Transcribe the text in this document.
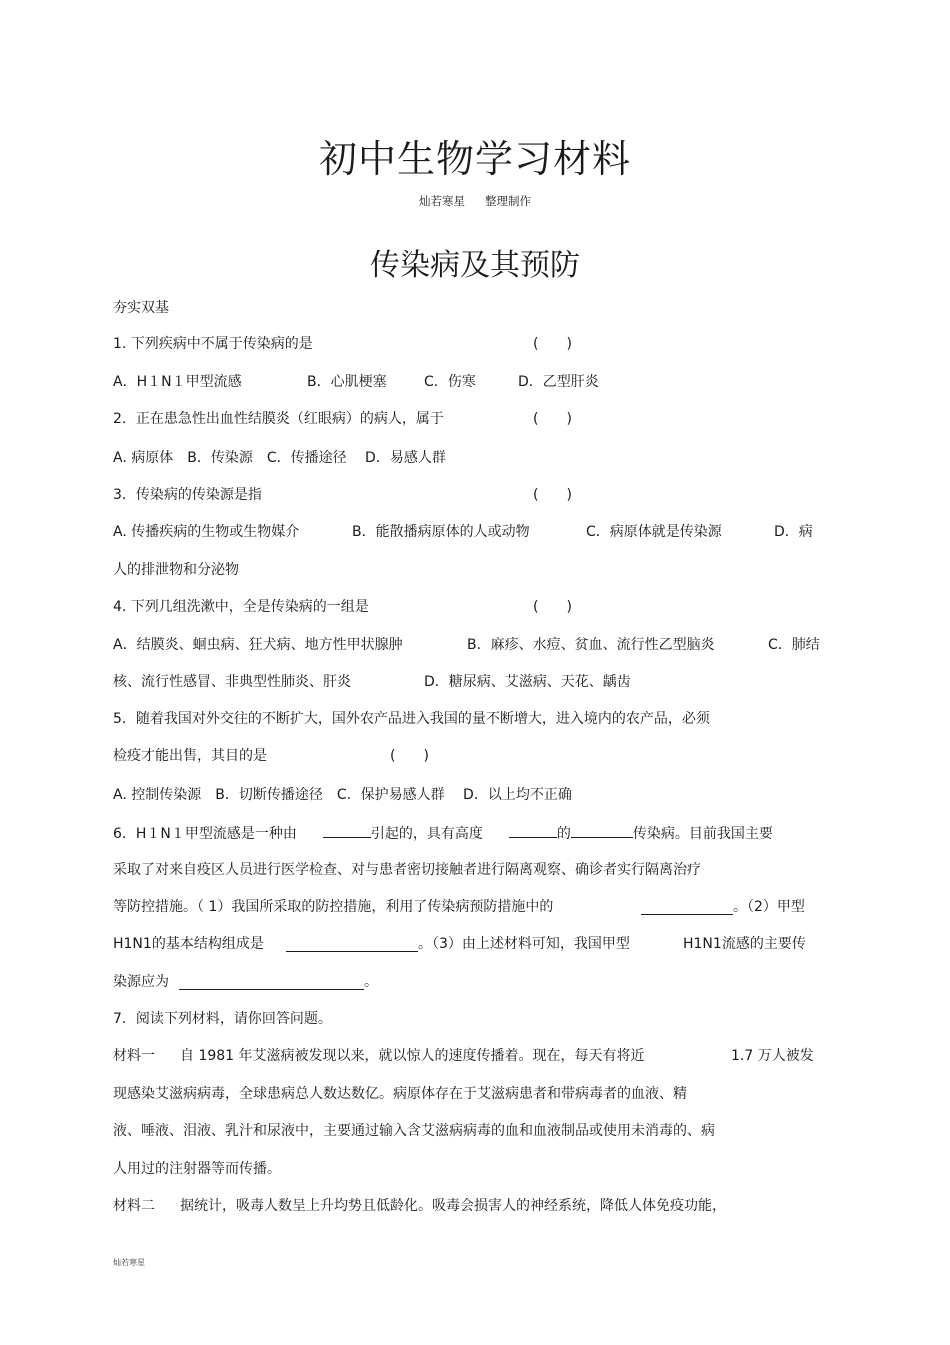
初中生物学习材料
灿若寒星 整理制作
传染病及其预防
夯实双基
1. 下列疾病中不属于传染病的是	(　　)
A．H１N１甲型流感	B．心肌梗塞	C．伤寒	D．乙型肝炎
2．正在患急性出血性结膜炎（红眼病）的病人，属于	(　　)
A. 病原体　B．传染源　C．传播途径　 D．易感人群
3．传染病的传染源是指	(　　)
A. 传播疾病的生物或生物媒介	B．能散播病原体的人或动物	C．病原体就是传染源	D．病
人的排泄物和分泌物
4. 下列几组洗漱中，全是传染病的一组是	(　　)
A．结膜炎、蛔虫病、狂犬病、地方性甲状腺肿	B．麻疹、水痘、贫血、流行性乙型脑炎	C．肺结
核、流行性感冒、非典型性肺炎、肝炎	D．糖尿病、艾滋病、天花、龋齿
5．随着我国对外交往的不断扩大，国外农产品进入我国的量不断增大，进入境内的农产品，必须
检疫才能出售，其目的是	(　　)
A. 控制传染源　B．切断传播途径　C．保护易感人群　 D．以上均不正确
6．H１N１甲型流感是一种由	引起的，具有高度	的	传染病。目前我国主要
采取了对来自疫区人员进行医学检查、对与患者密切接触者进行隔离观察、确诊者实行隔离治疗
等防控措施。（ 1）我国所采取的防控措施，利用了传染病预防措施中的	。（2）甲型
H1N1的基本结构组成是	。（3）由上述材料可知，我国甲型	H1N1流感的主要传
染源应为	。
7．阅读下列材料，请你回答问题。
材料一 自 1981 年艾滋病被发现以来，就以惊人的速度传播着。现在，每天有将近	1.7 万人被发
现感染艾滋病病毒，全球患病总人数达数亿。病原体存在于艾滋病患者和带病毒者的血液、精
液、唾液、泪液、乳汁和尿液中，主要通过输入含艾滋病病毒的血和血液制品或使用未消毒的、病
人用过的注射器等而传播。
材料二 据统计，吸毒人数呈上升均势且低龄化。吸毒会损害人的神经系统，降低人体免疫功能，
灿若寒星
